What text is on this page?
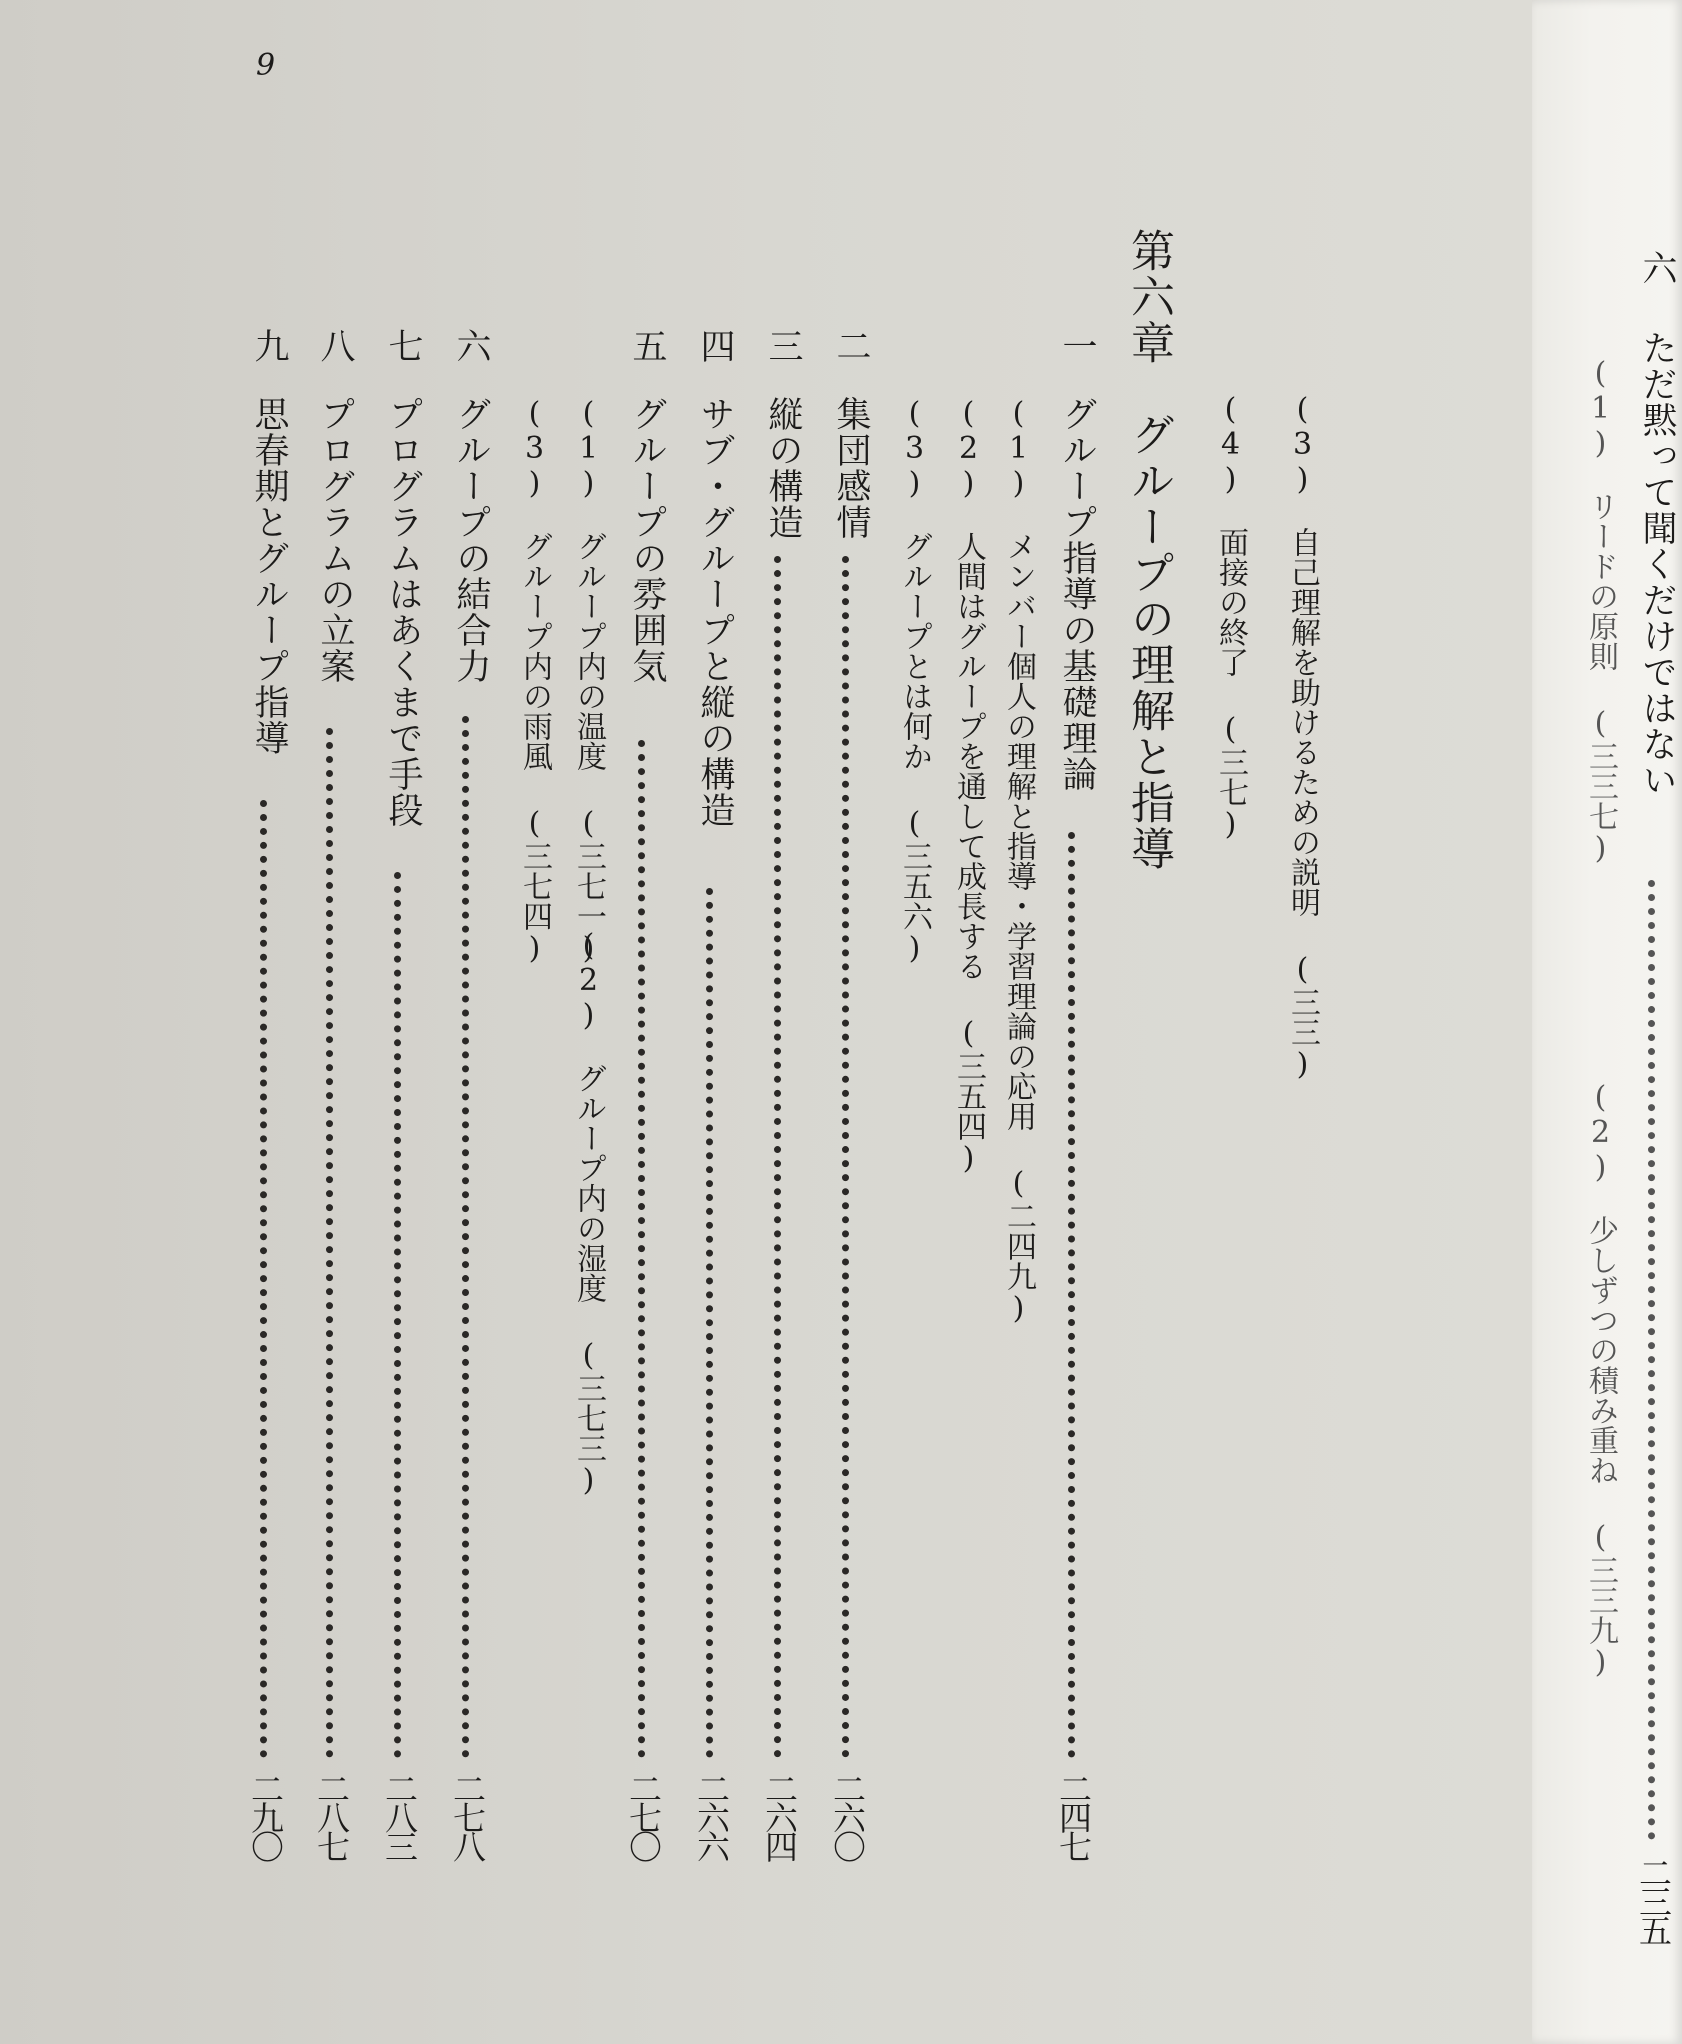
9
(3)　自己理解を助けるための説明 (三三)
(4)　面接の終了 (三七)
第六章　グループの理解と指導
一
グループ指導の基礎理論
二四七
(1)　メンバー個人の理解と指導・学習理論の応用 (二四九)
(2)　人間はグループを通して成長する (三五四)
(3)　グループとは何か (三五六)
二
集団感情
二六〇
三
縦の構造
二六四
四
サブ・グループと縦の構造
二六六
五
グループの雰囲気
二七〇
(1)　グループ内の温度 (三七一)
(2)　グループ内の湿度 (三七三)
(3)　グループ内の雨風 (三七四)
六
グループの結合力
二七八
七
プログラムはあくまで手段
二八三
八
プログラムの立案
二八七
九
思春期とグループ指導
二九〇
六
ただ黙って聞くだけではない
二三五
(1)　リードの原則 (三三七)
(2)　少しずつの積み重ね (三三九)
